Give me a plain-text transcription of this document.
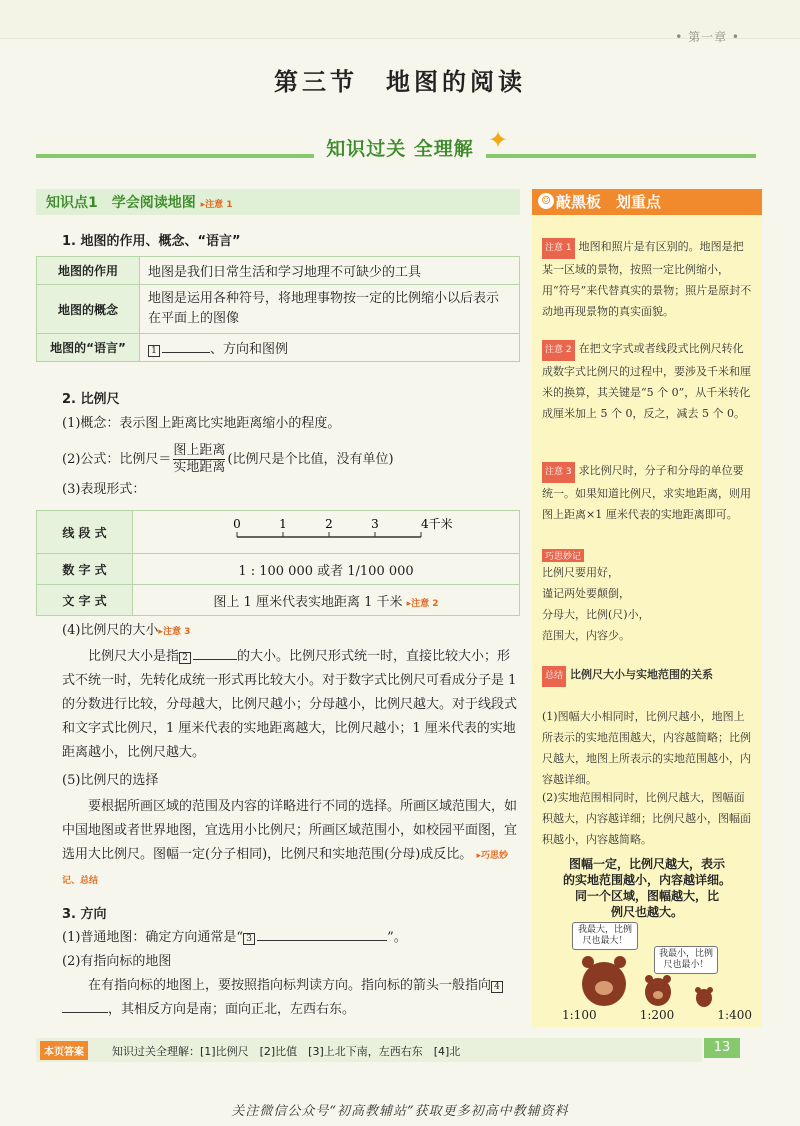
• 第一章 •
第三节　地图的阅读
知识过关 全理解 ✦
知识点1　学会阅读地图 ▸注意 1
1. 地图的作用、概念、“语言”
地图的作用	地图是我们日常生活和学习地理不可缺少的工具
地图的概念	地图是运用各种符号，将地理事物按一定的比例缩小以后表示在平面上的图像
地图的“语言”	1 、方向和图例
2. 比例尺
(1)概念：表示图上距离比实地距离缩小的程度。
(2)公式：比例尺＝
图上距离
实地距离
(比例尺是个比值，没有单位)
(3)表现形式：
线 段 式	0 1 2 3 4千米

数 字 式	1 : 100 000 或者 1/100 000
文 字 式	图上 1 厘米代表实地距离 1 千米 ▸注意 2
(4)比例尺的大小▸注意 3
比例尺大小是指 2	的大小。比例尺形式统一时，直接比较大小；形式不统一时，先转化成统一形式再比较大小。对于数字式比例尺可看成分子是 1 的分数进行比较，分母越大，比例尺越小；分母越小，比例尺越大。对于线段式和文字式比例尺，1 厘米代表的实地距离越大，比例尺越小；1 厘米代表的实地距离越小，比例尺越大。
(5)比例尺的选择
要根据所画区域的范围及内容的详略进行不同的选择。所画区域范围大，如中国地图或者世界地图，宜选用小比例尺；所画区域范围小，如校园平面图，宜选用大比例尺。图幅一定(分子相同)，比例尺和实地范围(分母)成反比。 ▸巧思妙记、总结
3. 方向
(1)普通地图：确定方向通常是“ 3	”。
(2)有指向标的地图
在有指向标的地图上，要按照指向标判读方向。指向标的箭头一般指向 4，其相反方向是南；面向正北，左西右东。
☺ 敲黑板　划重点
注意 1 地图和照片是有区别的。地图是把某一区域的景物，按照一定比例缩小，用“符号”来代替真实的景物；照片是原封不动地再现景物的真实面貌。
注意 2 在把文字式或者线段式比例尺转化成数字式比例尺的过程中，要涉及千米和厘米的换算，其关键是“5 个 0”，从千米转化成厘米加上 5 个 0，反之，减去 5 个 0。
注意 3 求比例尺时，分子和分母的单位要统一。如果知道比例尺，求实地距离，则用图上距离×1 厘米代表的实地距离即可。
巧思妙记
比例尺要用好，
谨记两处要颠倒，
分母大，比例(尺)小，
范围大，内容少。
总结 比例尺大小与实地范围的关系
(1)图幅大小相同时，比例尺越小，地图上所表示的实地范围越大，内容越简略；比例尺越大，地图上所表示的实地范围越小，内容越详细。
(2)实地范围相同时，比例尺越大，图幅面积越大，内容越详细；比例尺越小，图幅面积越小，内容越简略。
图幅一定，比例尺越大，表示
的实地范围越小，内容越详细。
同一个区域，图幅越大，比
例尺也越大。
我最大，比例尺也最大！
我最小，比例尺也最小！
1:100	1:200	1:400
本页答案	知识过关全理解：[1]比例尺　[2]比值　[3]上北下南，左西右东　[4]北	13
关注微信公众号“初高教辅站”获取更多初高中教辅资料
